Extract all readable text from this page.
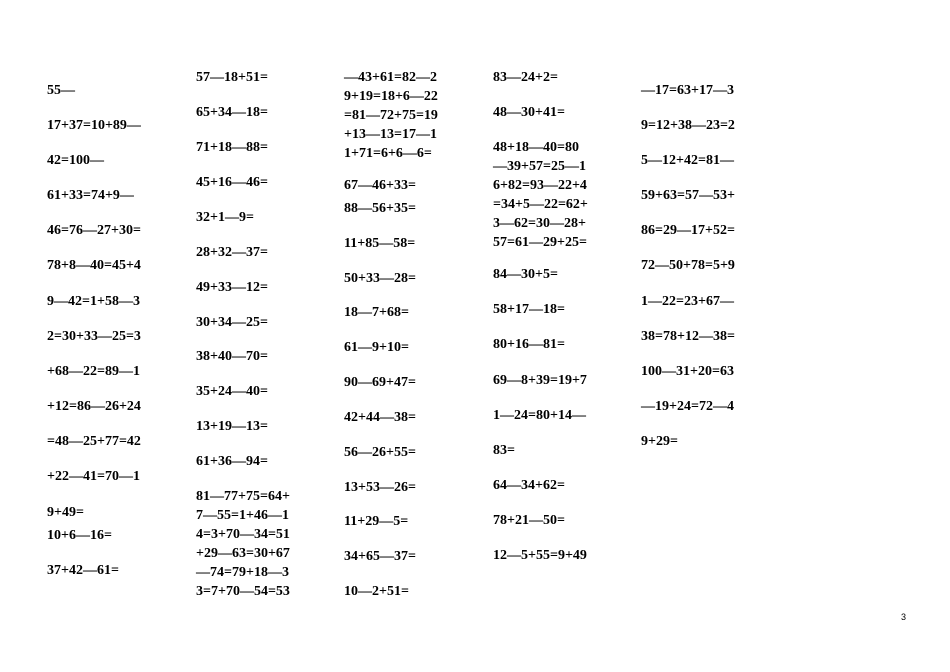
55—
17+37=10+89—
42=100—
61+33=74+9—
46=76—27+30=
78+8—40=45+4
9—42=1+58—3
2=30+33—25=3
+68—22=89—1
+12=86—26+24
=48—25+77=42
+22—41=70—1
9+49=
10+6—16=
37+42—61=
57—18+51=
65+34—18=
71+18—88=
45+16—46=
32+1—9=
28+32—37=
49+33—12=
30+34—25=
38+40—70=
35+24—40=
13+19—13=
61+36—94=
81—77+75=64+
7—55=1+46—1
4=3+70—34=51
+29—63=30+67
—74=79+18—3
3=7+70—54=53
—43+61=82—2
9+19=18+6—22
=81—72+75=19
+13—13=17—1
1+71=6+6—6=
67—46+33=
88—56+35=
11+85—58=
50+33—28=
18—7+68=
61—9+10=
90—69+47=
42+44—38=
56—26+55=
13+53—26=
11+29—5=
34+65—37=
10—2+51=
83—24+2=
48—30+41=
48+18—40=80
—39+57=25—1
6+82=93—22+4
=34+5—22=62+
3—62=30—28+
57=61—29+25=
84—30+5=
58+17—18=
80+16—81=
69—8+39=19+7
1—24=80+14—
83=
64—34+62=
78+21—50=
12—5+55=9+49
—17=63+17—3
9=12+38—23=2
5—12+42=81—
59+63=57—53+
86=29—17+52=
72—50+78=5+9
1—22=23+67—
38=78+12—38=
100—31+20=63
—19+24=72—4
9+29=
3
